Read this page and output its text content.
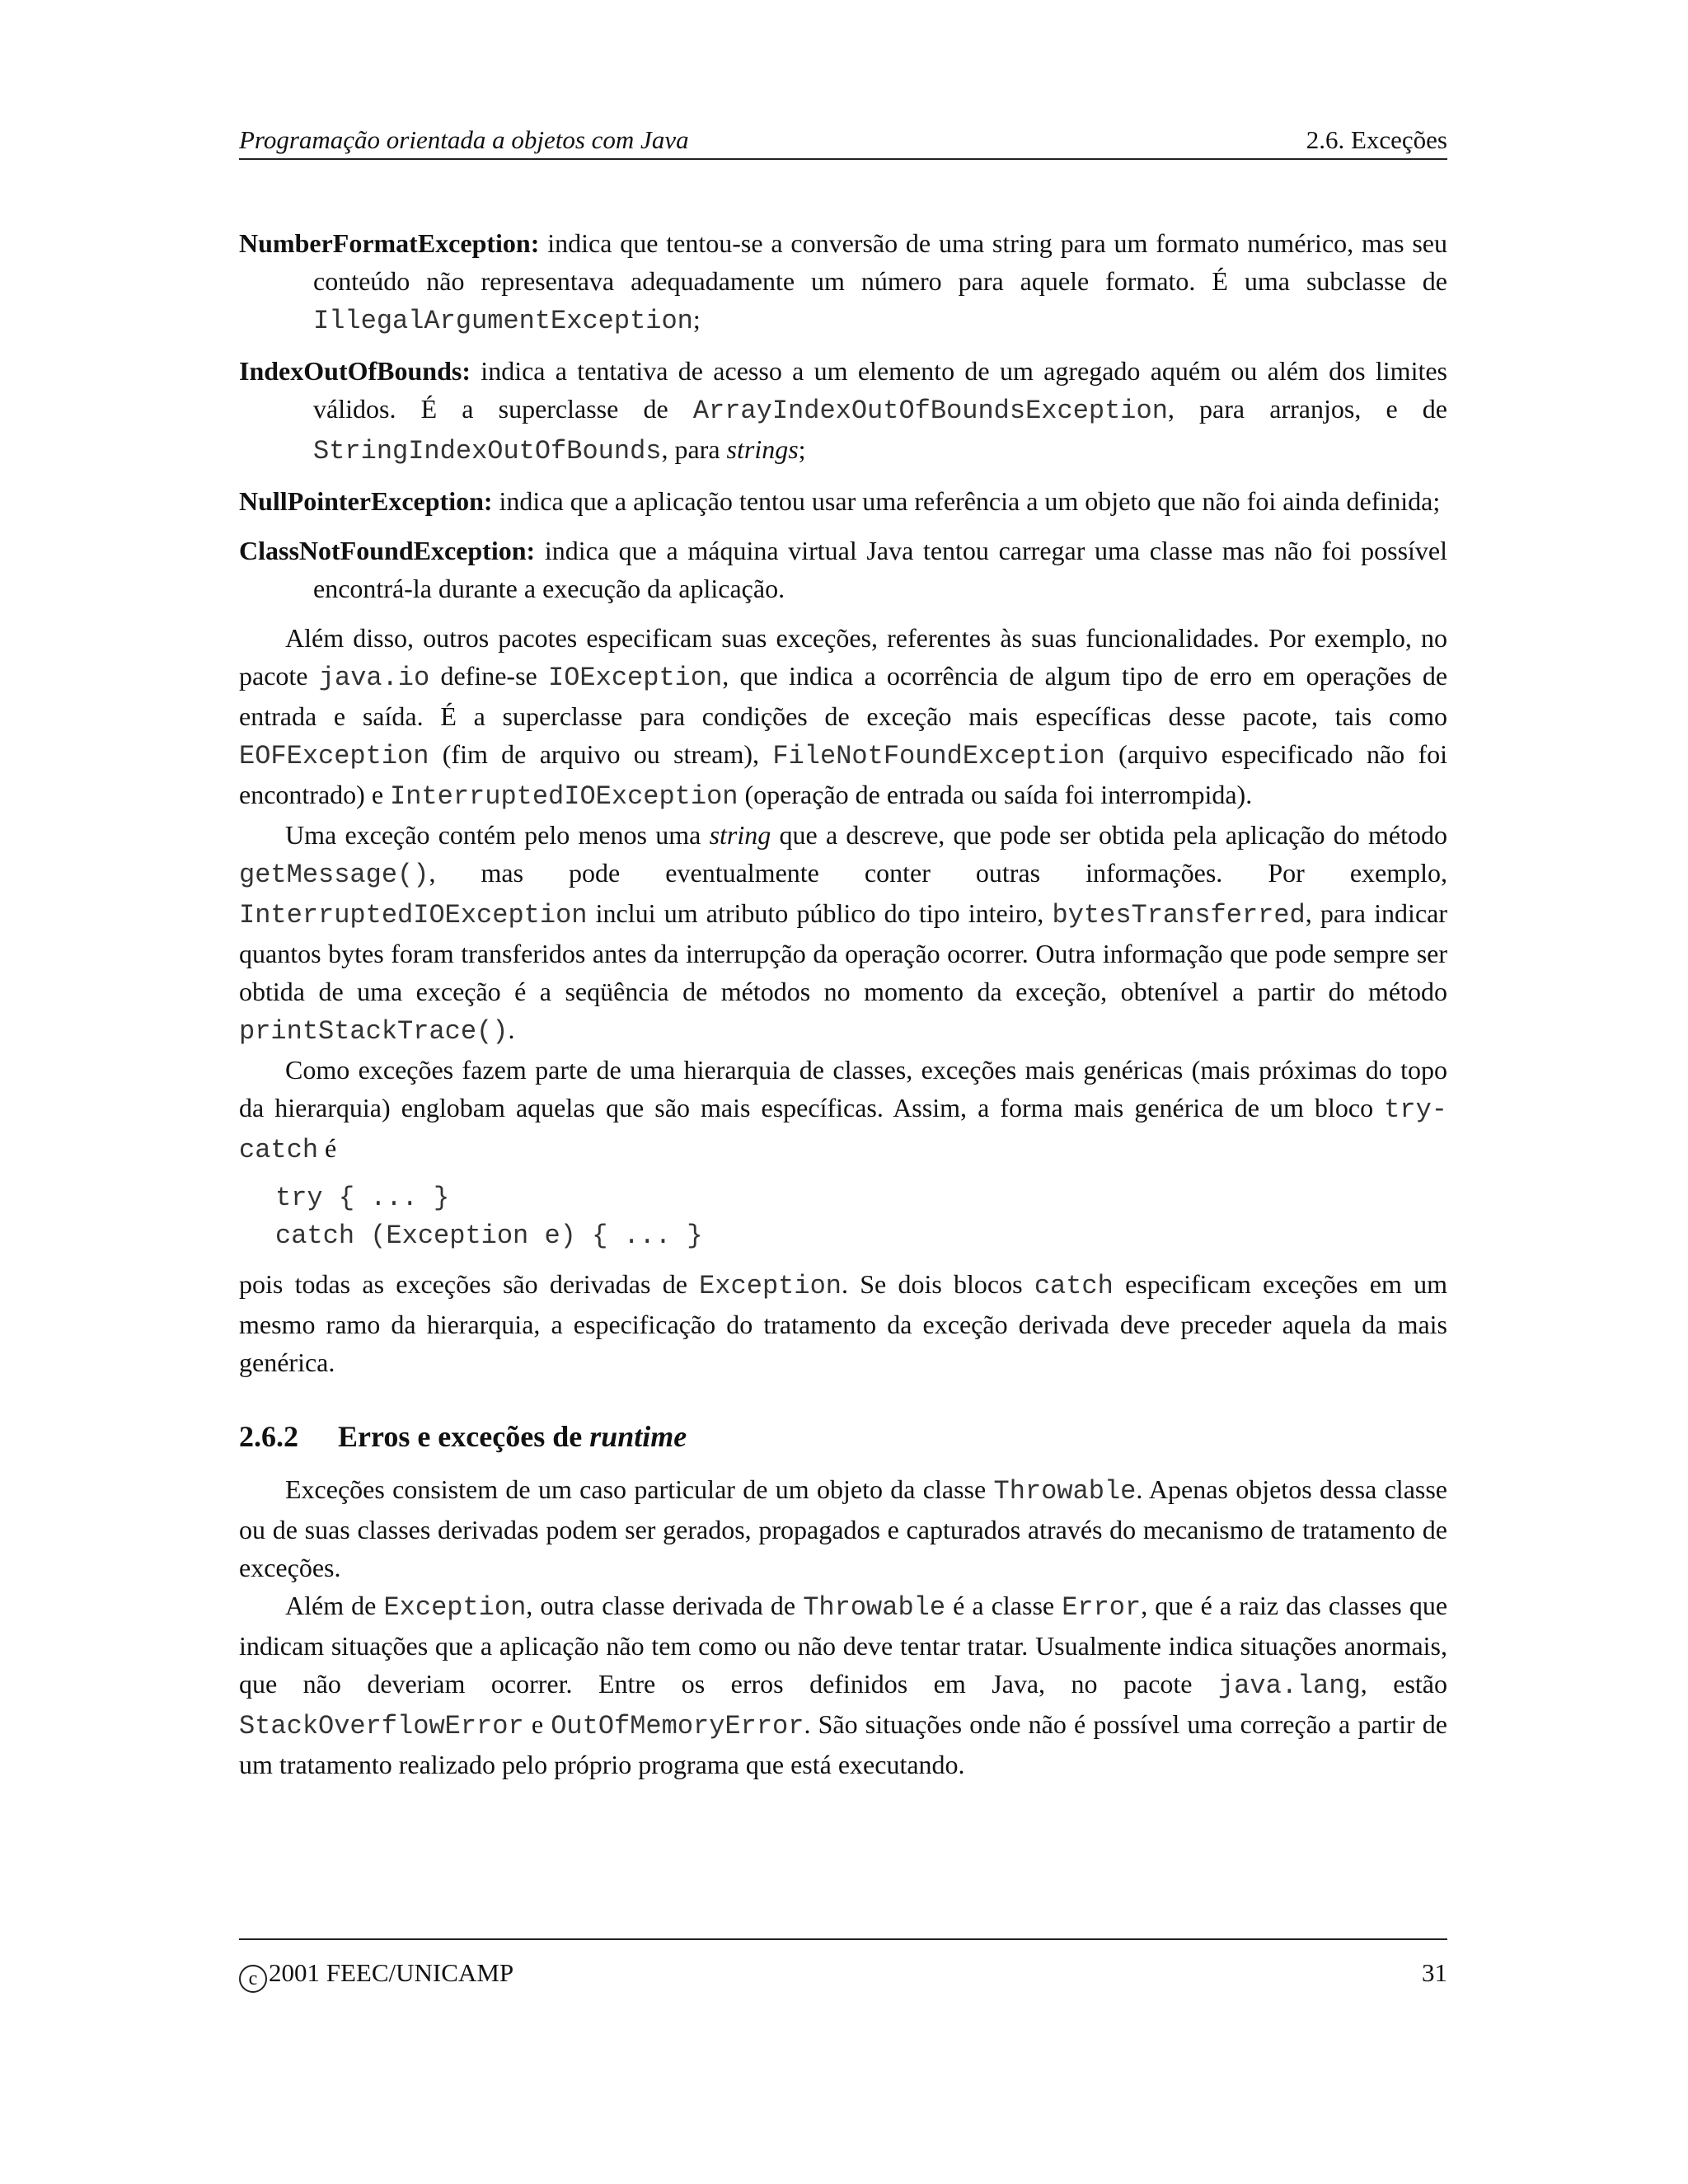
Programação orientada a objetos com Java	2.6. Exceções
NumberFormatException: indica que tentou-se a conversão de uma string para um formato numérico, mas seu conteúdo não representava adequadamente um número para aquele formato. É uma subclasse de IllegalArgumentException;
IndexOutOfBounds: indica a tentativa de acesso a um elemento de um agregado aquém ou além dos limites válidos. É a superclasse de ArrayIndexOutOfBoundsException, para arranjos, e de StringIndexOutOfBounds, para strings;
NullPointerException: indica que a aplicação tentou usar uma referência a um objeto que não foi ainda definida;
ClassNotFoundException: indica que a máquina virtual Java tentou carregar uma classe mas não foi possível encontrá-la durante a execução da aplicação.

Além disso, outros pacotes especificam suas exceções, referentes às suas funcionalidades. Por exemplo, no pacote java.io define-se IOException, que indica a ocorrência de algum tipo de erro em operações de entrada e saída. É a superclasse para condições de exceção mais específicas desse pacote, tais como EOFException (fim de arquivo ou stream), FileNotFoundException (arquivo especificado não foi encontrado) e InterruptedIOException (operação de entrada ou saída foi interrompida).

Uma exceção contém pelo menos uma string que a descreve, que pode ser obtida pela aplicação do método getMessage(), mas pode eventualmente conter outras informações. Por exemplo, InterruptedIOException inclui um atributo público do tipo inteiro, bytesTransferred, para indicar quantos bytes foram transferidos antes da interrupção da operação ocorrer. Outra informação que pode sempre ser obtida de uma exceção é a seqüência de métodos no momento da exceção, obtenível a partir do método printStackTrace().

Como exceções fazem parte de uma hierarquia de classes, exceções mais genéricas (mais próximas do topo da hierarquia) englobam aquelas que são mais específicas. Assim, a forma mais genérica de um bloco try-catch é

try { ... }
catch (Exception e) { ... }

pois todas as exceções são derivadas de Exception. Se dois blocos catch especificam exceções em um mesmo ramo da hierarquia, a especificação do tratamento da exceção derivada deve preceder aquela da mais genérica.

2.6.2 Erros e exceções de runtime

Exceções consistem de um caso particular de um objeto da classe Throwable. Apenas objetos dessa classe ou de suas classes derivadas podem ser gerados, propagados e capturados através do mecanismo de tratamento de exceções.

Além de Exception, outra classe derivada de Throwable é a classe Error, que é a raiz das classes que indicam situações que a aplicação não tem como ou não deve tentar tratar. Usualmente indica situações anormais, que não deveriam ocorrer. Entre os erros definidos em Java, no pacote java.lang, estão StackOverflowError e OutOfMemoryError. São situações onde não é possível uma correção a partir de um tratamento realizado pelo próprio programa que está executando.

c 2001 FEEC/UNICAMP	31
